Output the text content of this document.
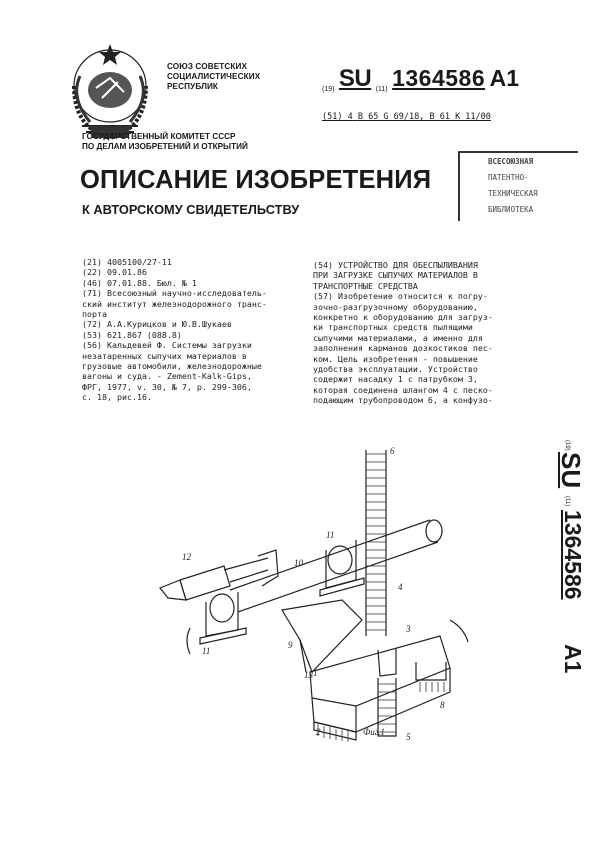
СОЮЗ СОВЕТСКИХ
СОЦИАЛИСТИЧЕСКИХ
РЕСПУБЛИК	(19) SU (11) 1364586 A1
(51) 4 В 65 G 69/18, В 61 К 11/00
ГОСУДАРСТВЕННЫЙ КОМИТЕТ СССР
ПО ДЕЛАМ ИЗОБРЕТЕНИЙ И ОТКРЫТИЙ
ВСЕСОЮЗНАЯ
ПАТЕНТНО-
ТЕХНИЧЕСКАЯ
БИБЛИОТЕКА
ОПИСАНИЕ ИЗОБРЕТЕНИЯ
К АВТОРСКОМУ СВИДЕТЕЛЬСТВУ
(21) 4005100/27-11
(22) 09.01.86
(46) 07.01.88. Бюл. № 1
(71) Всесоюзный научно-исследователь-
ский институт железнодорожного транс-
порта
(72) А.А.Курицков и Ю.В.Шукаев
(53) 621.867 (088.8)
(56) Кальдевей Ф. Системы загрузки
незатаренных сыпучих материалов в
грузовые автомобили, железнодорожные
вагоны и суда. - Zement-Kalk-Gips,
ФРГ, 1977, v. 30, № 7, р. 299-306,
с. 18, рис.16.
(54) УСТРОЙСТВО ДЛЯ ОБЕСПЫЛИВАНИЯ
ПРИ ЗАГРУЗКЕ СЫПУЧИХ МАТЕРИАЛОВ В
ТРАНСПОРТНЫЕ СРЕДСТВА
(57) Изобретение относится к погру-
зочно-разгрузочному оборудованию,
конкретно к оборудованию для загруз-
ки транспортных средств пылящими
сыпучими материалами, а именно для
заполнения карманов дозкостиков пес-
ком. Цель изобретения - повышение
удобства эксплуатации. Устройство
содержит насадку 1 с патрубком 3,
которая соединена шлангом 4 с песко-
подающим трубопроводом 6, а конфузо-
(19)
SU
(11)
1364586
A1
1
2
3
4
5
6
8
9
10
11
11
12
13
Фиг.1
